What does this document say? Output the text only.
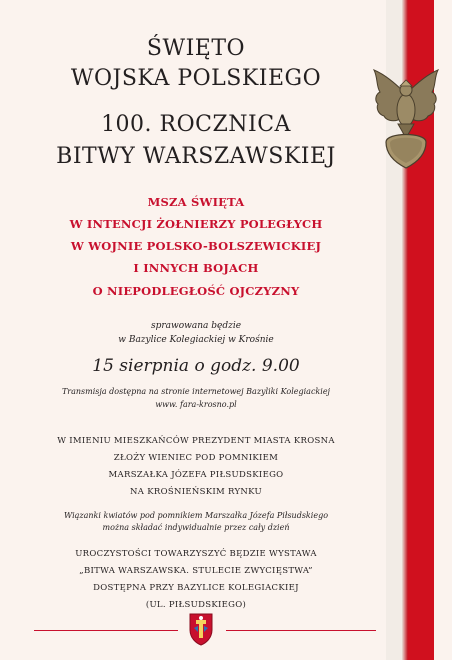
ŚWIĘTO
WOJSKA POLSKIEGO
100. ROCZNICA
BITWY WARSZAWSKIEJ
MSZA ŚWIĘTA
W INTENCJI ŻOŁNIERZY POLEGŁYCH
W WOJNIE POLSKO-BOLSZEWICKIEJ
I INNYCH BOJACH
O NIEPODLEGŁOŚĆ OJCZYZNY
sprawowana będzie
w Bazylice Kolegiackiej w Krośnie
15 sierpnia o godz. 9.00
Transmisja dostępna na stronie internetowej Bazyliki Kolegiackiej
www. fara-krosno.pl
W IMIENIU MIESZKAŃCÓW PREZYDENT MIASTA KROSNA
ZŁOŻY WIENIEC POD POMNIKIEM
MARSZAŁKA JÓZEFA PIŁSUDSKIEGO
NA KROŚNIEŃSKIM RYNKU
Wiązanki kwiatów pod pomnikiem Marszałka Józefa Piłsudskiego
można składać indywidualnie przez cały dzień
UROCZYSTOŚCI TOWARZYSZYĆ BĘDZIE WYSTAWA
„BITWA WARSZAWSKA. STULECIE ZWYCIĘSTWA”
DOSTĘPNA PRZY BAZYLICE KOLEGIACKIEJ
(UL. PIŁSUDSKIEGO)
